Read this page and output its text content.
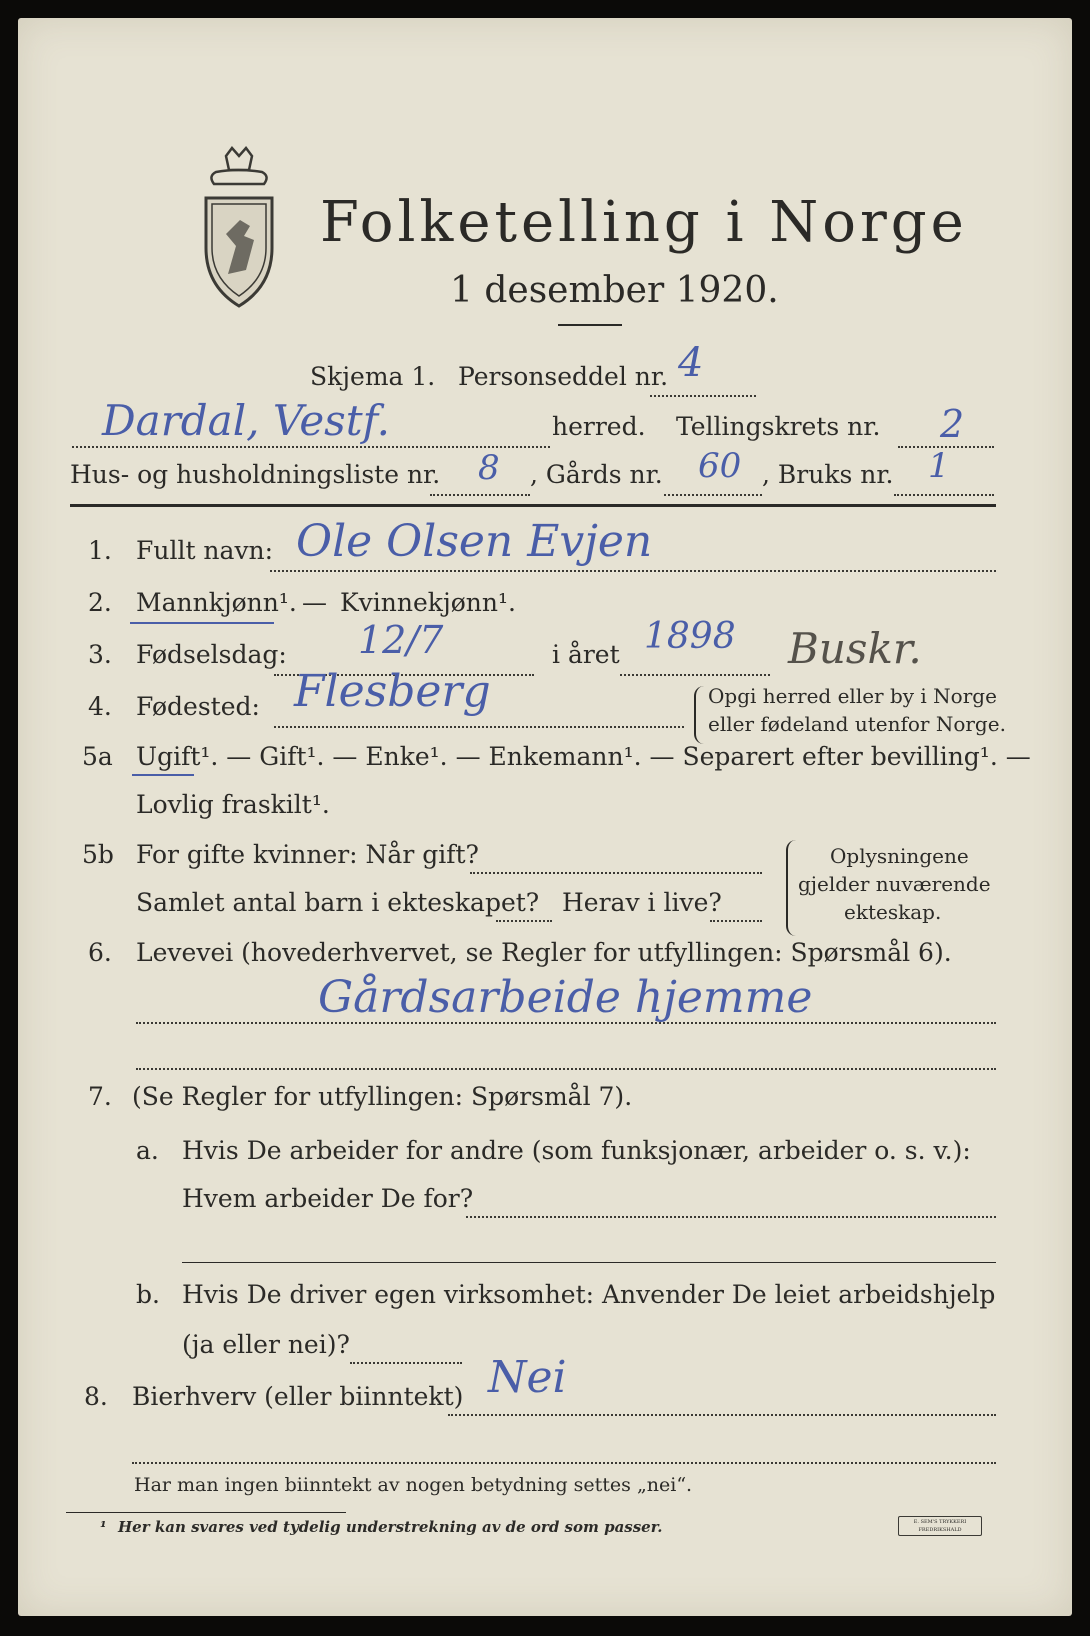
Folketelling i Norge
1 desember 1920.
Skjema 1. Personseddel nr. 4
Dardal, Vestf.	herred. Tellingskrets nr. 2
Hus- og husholdningsliste nr. 8 , Gårds nr. 60 , Bruks nr. 1
1. Fullt navn: Ole Olsen Evjen
2. Mannkjønn¹. — Kvinnekjønn¹.
3. Fødselsdag: 12/7	i året 1898 Buskr.
4. Fødested: Flesberg	Opgi herred eller by i Norge
eller fødeland utenfor Norge.
5a Ugift¹. — Gift¹. — Enke¹. — Enkemann¹. — Separert efter bevilling¹. —
Lovlig fraskilt¹.
5b For gifte kvinner: Når gift?
Samlet antal barn i ekteskapet? Herav i live?
Oplysningene
gjelder nuværende
ekteskap.
6. Levevei (hovederhvervet, se Regler for utfyllingen: Spørsmål 6).
Gårdsarbeide hjemme
7. (Se Regler for utfyllingen: Spørsmål 7).
a. Hvis De arbeider for andre (som funksjonær, arbeider o. s. v.):
Hvem arbeider De for?
b. Hvis De driver egen virksomhet: Anvender De leiet arbeidshjelp
(ja eller nei)?
8. Bierhverv (eller biinntekt) Nei
Har man ingen biinntekt av nogen betydning settes „nei“.
¹ Her kan svares ved tydelig understrekning av de ord som passer.	E. SEM'S TRYKKERI FREDRIKSHALD
